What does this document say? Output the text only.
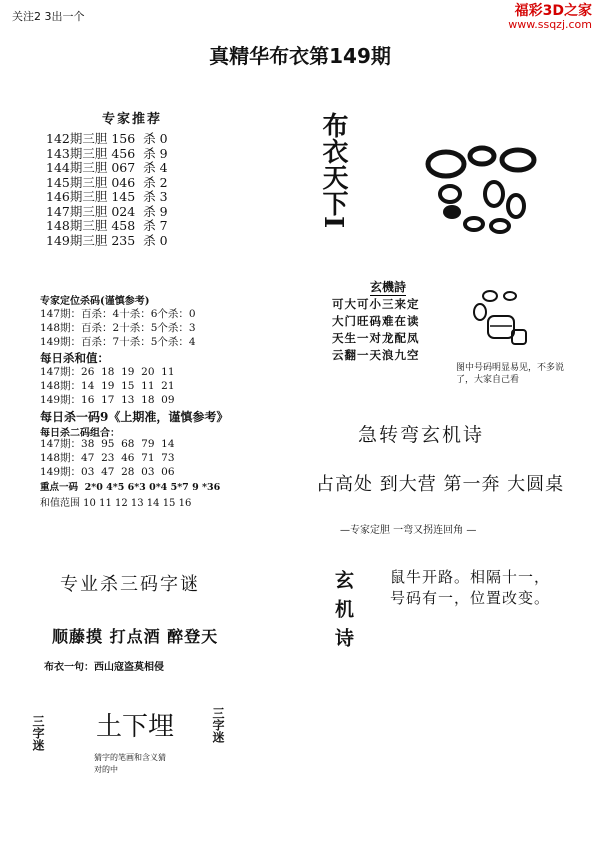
关注2 3出一个	福彩3D之家
www.ssqzj.com
真精华布衣第149期
专家推荐
142期三胆 156  杀 0
143期三胆 456  杀 9
144期三胆 067  杀 4
145期三胆 046  杀 2
146期三胆 145  杀 3
147期三胆 024  杀 9
148期三胆 458  杀 7
149期三胆 235  杀 0
专家定位杀码(谨慎参考)
147期：百杀：4十杀：6个杀：0
148期：百杀：2十杀：5个杀：3
149期：百杀：7十杀：5个杀：4
每日杀和值：
147期：26  18  19  20  11
148期：14  19  15  11  21
149期：16  17  13  18  09
每日杀一码9《上期准，谨慎参考》
每日杀二码组合：
147期：38  95  68  79  14
148期：47  23  46  71  73
149期：03  47  28  03  06
重点一码  2*0 4*5 6*3 0*4 5*7 9 *36
和值范围 10 11 12 13 14 15 16
布衣天下I
玄機詩
可大可小三来定
大门旺码难在读
天生一对龙配凤
云翻一天浪九空
图中号码明显易见，不多说了，大家自己看
急转弯玄机诗
占高处 到大营 第一奔 大圆桌
—专家定胆 一弯又拐连回角 —
玄机诗 鼠牛开路。相隔十一，
号码有一，位置改变。
专业杀三码字谜
顺藤摸 打点酒 醉登天
布衣一句：西山寇盗莫相侵
三字迷 土下埋	三字迷
猜字的笔画和含义猜
对的中
